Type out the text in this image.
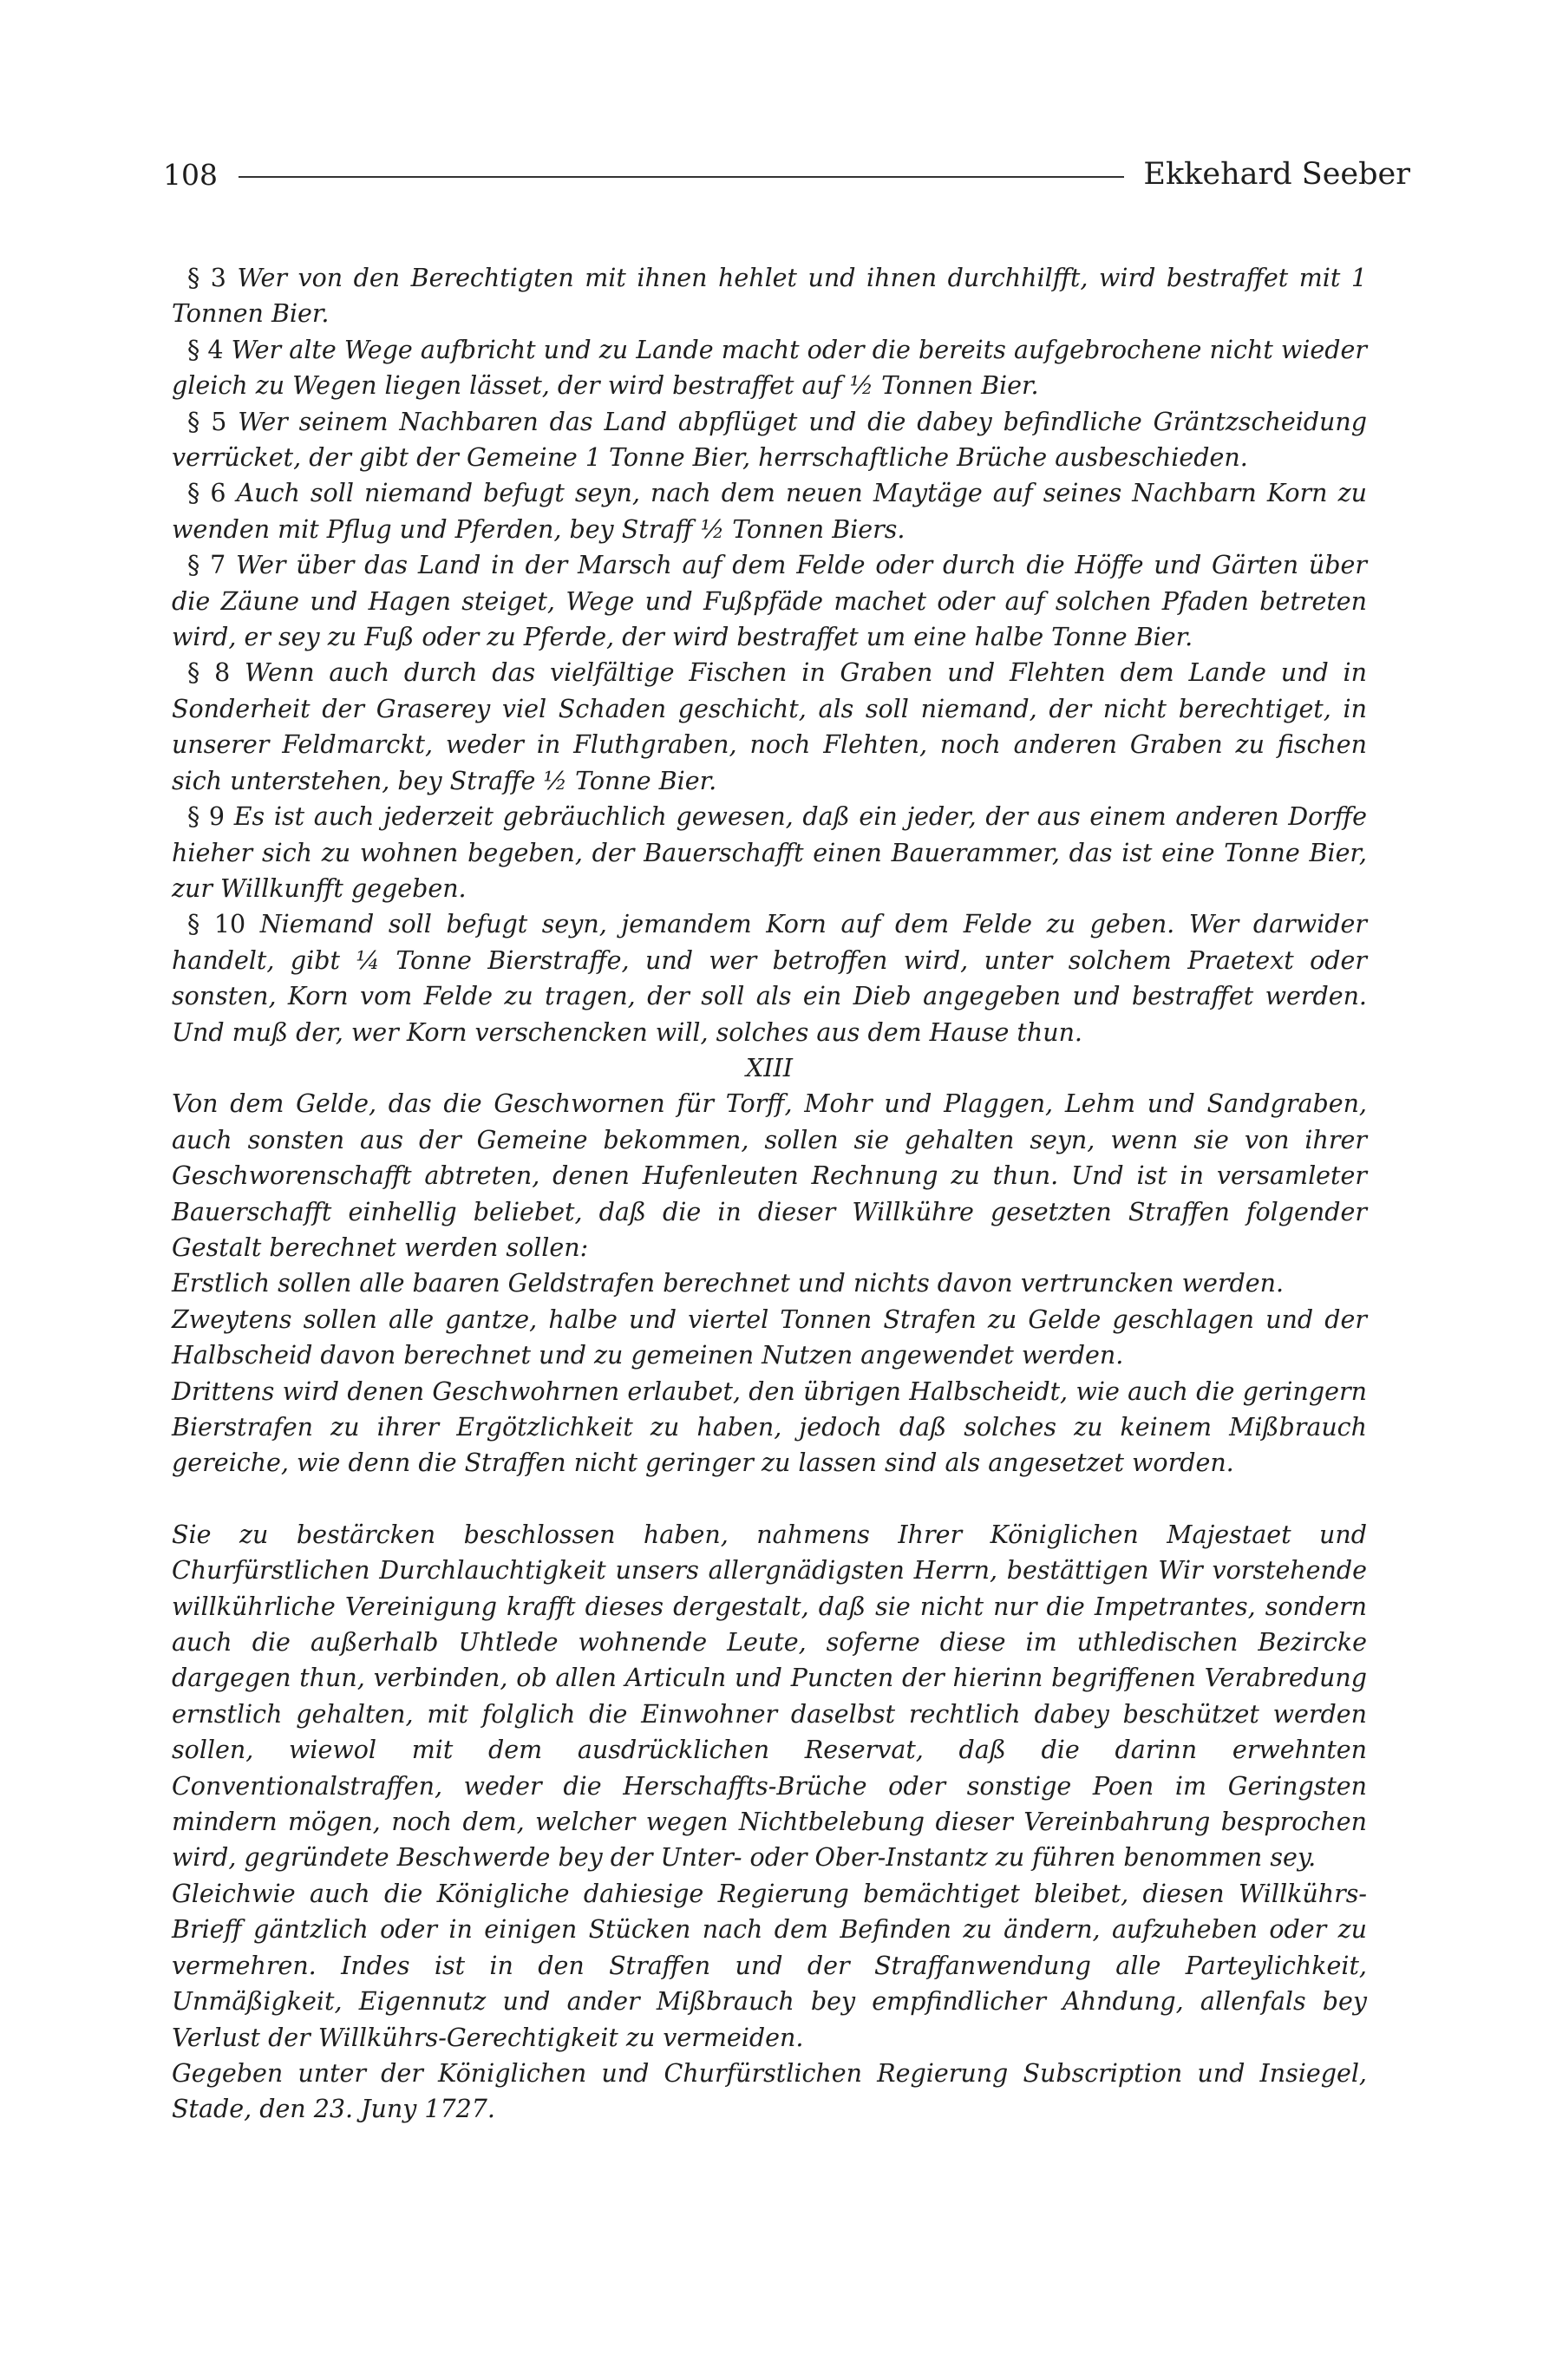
108	Ekkehard Seeber

§ 3 Wer von den Berechtigten mit ihnen hehlet und ihnen durchhilfft, wird bestraffet mit 1 Tonnen Bier.

§ 4 Wer alte Wege aufbricht und zu Lande macht oder die bereits aufgebrochene nicht wieder gleich zu Wegen liegen lässet, der wird bestraffet auf ½ Tonnen Bier.

§ 5 Wer seinem Nachbaren das Land abpflüget und die dabey befindliche Gräntzscheidung verrücket, der gibt der Gemeine 1 Tonne Bier, herrschaftliche Brüche ausbeschieden.

§ 6 Auch soll niemand befugt seyn, nach dem neuen Maytäge auf seines Nachbarn Korn zu wenden mit Pflug und Pferden, bey Straff ½ Tonnen Biers.

§ 7 Wer über das Land in der Marsch auf dem Felde oder durch die Höffe und Gärten über die Zäune und Hagen steiget, Wege und Fußpfäde machet oder auf solchen Pfaden betreten wird, er sey zu Fuß oder zu Pferde, der wird bestraffet um eine halbe Tonne Bier.

§ 8 Wenn auch durch das vielfältige Fischen in Graben und Flehten dem Lande und in Sonderheit der Graserey viel Schaden geschicht, als soll niemand, der nicht berechtiget, in unserer Feldmarckt, weder in Fluthgraben, noch Flehten, noch anderen Graben zu fischen sich unterstehen, bey Straffe ½ Tonne Bier.

§ 9 Es ist auch jederzeit gebräuchlich gewesen, daß ein jeder, der aus einem anderen Dorffe hieher sich zu wohnen begeben, der Bauerschafft einen Bauerammer, das ist eine Tonne Bier, zur Willkunfft gegeben.

§ 10 Niemand soll befugt seyn, jemandem Korn auf dem Felde zu geben. Wer darwider handelt, gibt ¼ Tonne Bierstraffe, und wer betroffen wird, unter solchem Praetext oder sonsten, Korn vom Felde zu tragen, der soll als ein Dieb angegeben und bestraffet werden. Und muß der, wer Korn verschencken will, solches aus dem Hause thun.

XIII

Von dem Gelde, das die Geschwornen für Torff, Mohr und Plaggen, Lehm und Sandgraben, auch sonsten aus der Gemeine bekommen, sollen sie gehalten seyn, wenn sie von ihrer Geschworenschafft abtreten, denen Hufenleuten Rechnung zu thun. Und ist in versamleter Bauerschafft einhellig beliebet, daß die in dieser Willkühre gesetzten Straffen folgender Gestalt berechnet werden sollen:

Erstlich sollen alle baaren Geldstrafen berechnet und nichts davon vertruncken werden.

Zweytens sollen alle gantze, halbe und viertel Tonnen Strafen zu Gelde geschlagen und der Halbscheid davon berechnet und zu gemeinen Nutzen angewendet werden.

Drittens wird denen Geschwohrnen erlaubet, den übrigen Halbscheidt, wie auch die geringern Bierstrafen zu ihrer Ergötzlichkeit zu haben, jedoch daß solches zu keinem Mißbrauch gereiche, wie denn die Straffen nicht geringer zu lassen sind als angesetzet worden.

Sie zu bestärcken beschlossen haben, nahmens Ihrer Königlichen Majestaet und Churfürstlichen Durchlauchtigkeit unsers allergnädigsten Herrn, bestättigen Wir vorstehende willkührliche Vereinigung krafft dieses dergestalt, daß sie nicht nur die Impetrantes, sondern auch die außerhalb Uhtlede wohnende Leute, soferne diese im uthledischen Bezircke dargegen thun, verbinden, ob allen Articuln und Puncten der hierinn begriffenen Verabredung ernstlich gehalten, mit folglich die Einwohner daselbst rechtlich dabey beschützet werden sollen, wiewol mit dem ausdrücklichen Reservat, daß die darinn erwehnten Conventionalstraffen, weder die Herschaffts-Brüche oder sonstige Poen im Geringsten mindern mögen, noch dem, welcher wegen Nichtbelebung dieser Vereinbahrung besprochen wird, gegründete Beschwerde bey der Unter- oder Ober-Instantz zu führen benommen sey.

Gleichwie auch die Königliche dahiesige Regierung bemächtiget bleibet, diesen Willkührs-Brieff gäntzlich oder in einigen Stücken nach dem Befinden zu ändern, aufzuheben oder zu vermehren. Indes ist in den Straffen und der Straffanwendung alle Parteylichkeit, Unmäßigkeit, Eigennutz und ander Mißbrauch bey empfindlicher Ahndung, allenfals bey Verlust der Willkührs-Gerechtigkeit zu vermeiden.

Gegeben unter der Königlichen und Churfürstlichen Regierung Subscription und Insiegel, Stade, den 23. Juny 1727.
